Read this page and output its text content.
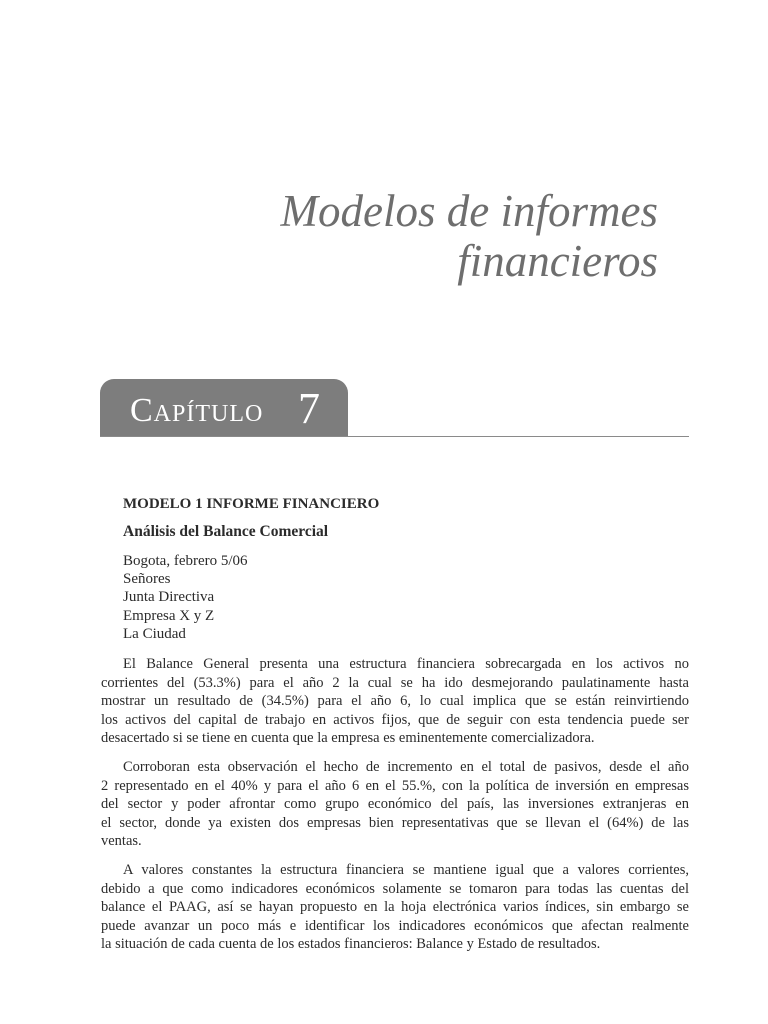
Modelos de informes
financieros
Capítulo 7
MODELO 1 INFORME FINANCIERO
Análisis del Balance Comercial
Bogota, febrero 5/06
Señores
Junta Directiva
Empresa X y Z
La Ciudad
El Balance General presenta una estructura financiera sobrecargada en los activos no
corrientes del (53.3%) para el año 2 la cual se ha ido desmejorando paulatinamente hasta
mostrar un resultado de (34.5%) para el año 6, lo cual implica que se están reinvirtiendo
los activos del capital de trabajo en activos fijos, que de seguir con esta tendencia puede ser
desacertado si se tiene en cuenta que la empresa es eminentemente comercializadora.
Corroboran esta observación el hecho de incremento en el total de pasivos, desde el año
2 representado en el 40% y para el año 6 en el 55.%, con la política de inversión en empresas
del sector y poder afrontar como grupo económico del país, las inversiones extranjeras en
el sector, donde ya existen dos empresas bien representativas que se llevan el (64%) de las
ventas.
A valores constantes la estructura financiera se mantiene igual que a valores corrientes,
debido a que como indicadores económicos solamente se tomaron para todas las cuentas del
balance el PAAG, así se hayan propuesto en la hoja electrónica varios índices, sin embargo se
puede avanzar un poco más e identificar los indicadores económicos que afectan realmente
la situación de cada cuenta de los estados financieros: Balance y Estado de resultados.
